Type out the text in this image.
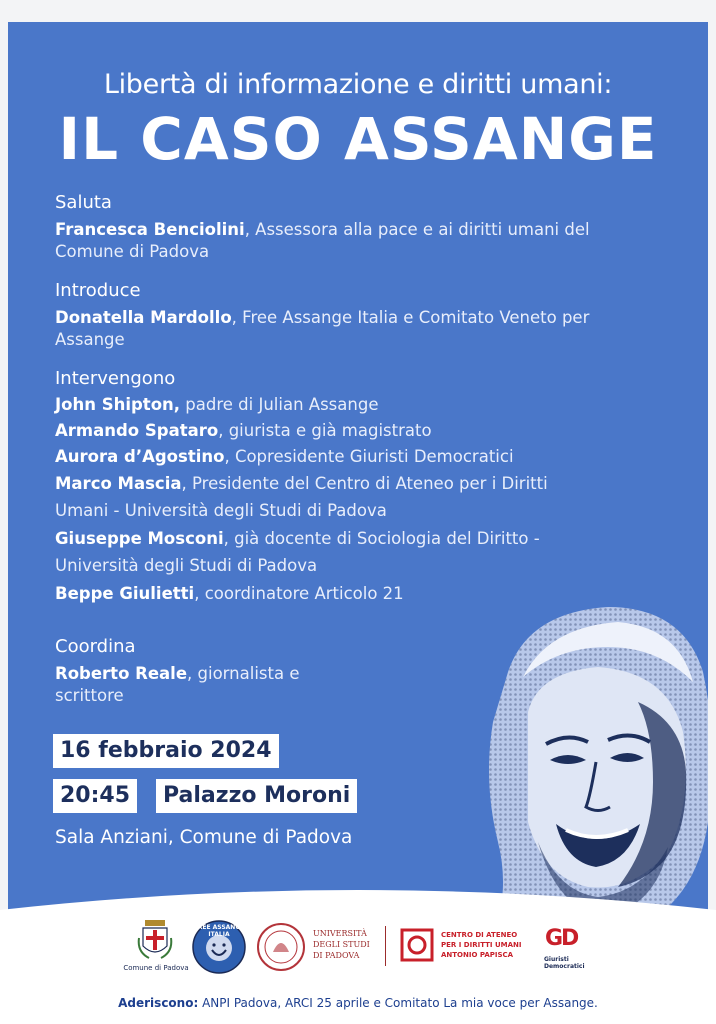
Libertà di informazione e diritti umani:
IL CASO ASSANGE
Saluta
Francesca Benciolini, Assessora alla pace e ai diritti umani del
Comune di Padova
Introduce
Donatella Mardollo, Free Assange Italia e Comitato Veneto per
Assange
Intervengono
John Shipton, padre di Julian Assange
Armando Spataro, giurista e già magistrato
Aurora d’Agostino, Copresidente Giuristi Democratici
Marco Mascia, Presidente del Centro di Ateneo per i Diritti
Umani - Università degli Studi di Padova
Giuseppe Mosconi, già docente di Sociologia del Diritto -
Università degli Studi di Padova
Beppe Giulietti, coordinatore Articolo 21
Coordina
Roberto Reale, giornalista e
scrittore
16 febbraio 2024
20:45	Palazzo Moroni
Sala Anziani, Comune di Padova
Comune di Padova
FREE ASSANGE ITALIA	UNIVERSITÀ
DEGLI STUDI
DI PADOVA
CENTRO DI ATENEO
PER I DIRITTI UMANI
ANTONIO PAPISCA
GD
Giuristi
Democratici
Aderiscono: ANPI Padova, ARCI 25 aprile e Comitato La mia voce per Assange.
